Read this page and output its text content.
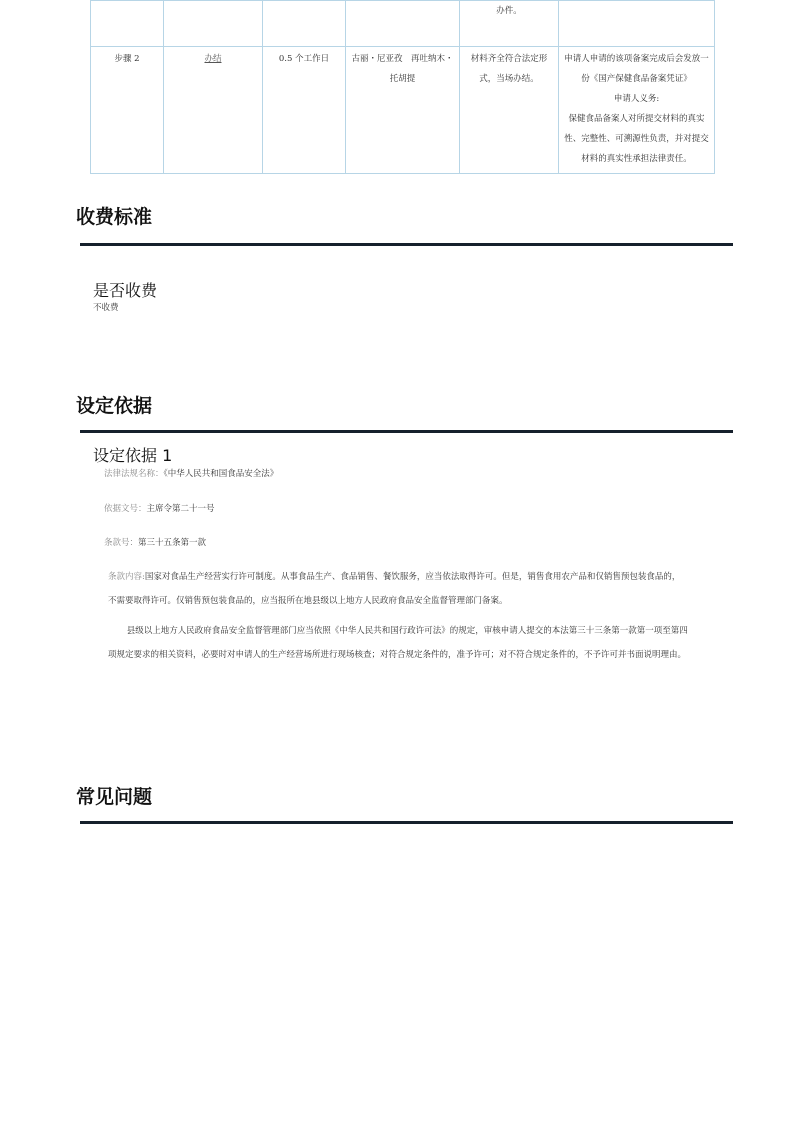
				办件。	
步骤 2	办结	0.5 个工作日	古丽・尼亚孜　再吐纳木・托胡提	材料齐全符合法定形式，当场办结。	申请人申请的该项备案完成后会发放一份《国产保健食品备案凭证》
申请人义务:
保健食品备案人对所提交材料的真实性、完整性、可溯源性负责，并对提交材料的真实性承担法律责任。
收费标准
是否收费
不收费
设定依据
设定依据 1
法律法规名称：《中华人民共和国食品安全法》
依据文号：主席令第二十一号
条款号：第三十五条第一款
条款内容:国家对食品生产经营实行许可制度。从事食品生产、食品销售、餐饮服务，应当依法取得许可。但是，销售食用农产品和仅销售预包装食品的，不需要取得许可。仅销售预包装食品的，应当报所在地县级以上地方人民政府食品安全监督管理部门备案。
县级以上地方人民政府食品安全监督管理部门应当依照《中华人民共和国行政许可法》的规定，审核申请人提交的本法第三十三条第一款第一项至第四项规定要求的相关资料，必要时对申请人的生产经营场所进行现场核查；对符合规定条件的，准予许可；对不符合规定条件的，不予许可并书面说明理由。
常见问题
